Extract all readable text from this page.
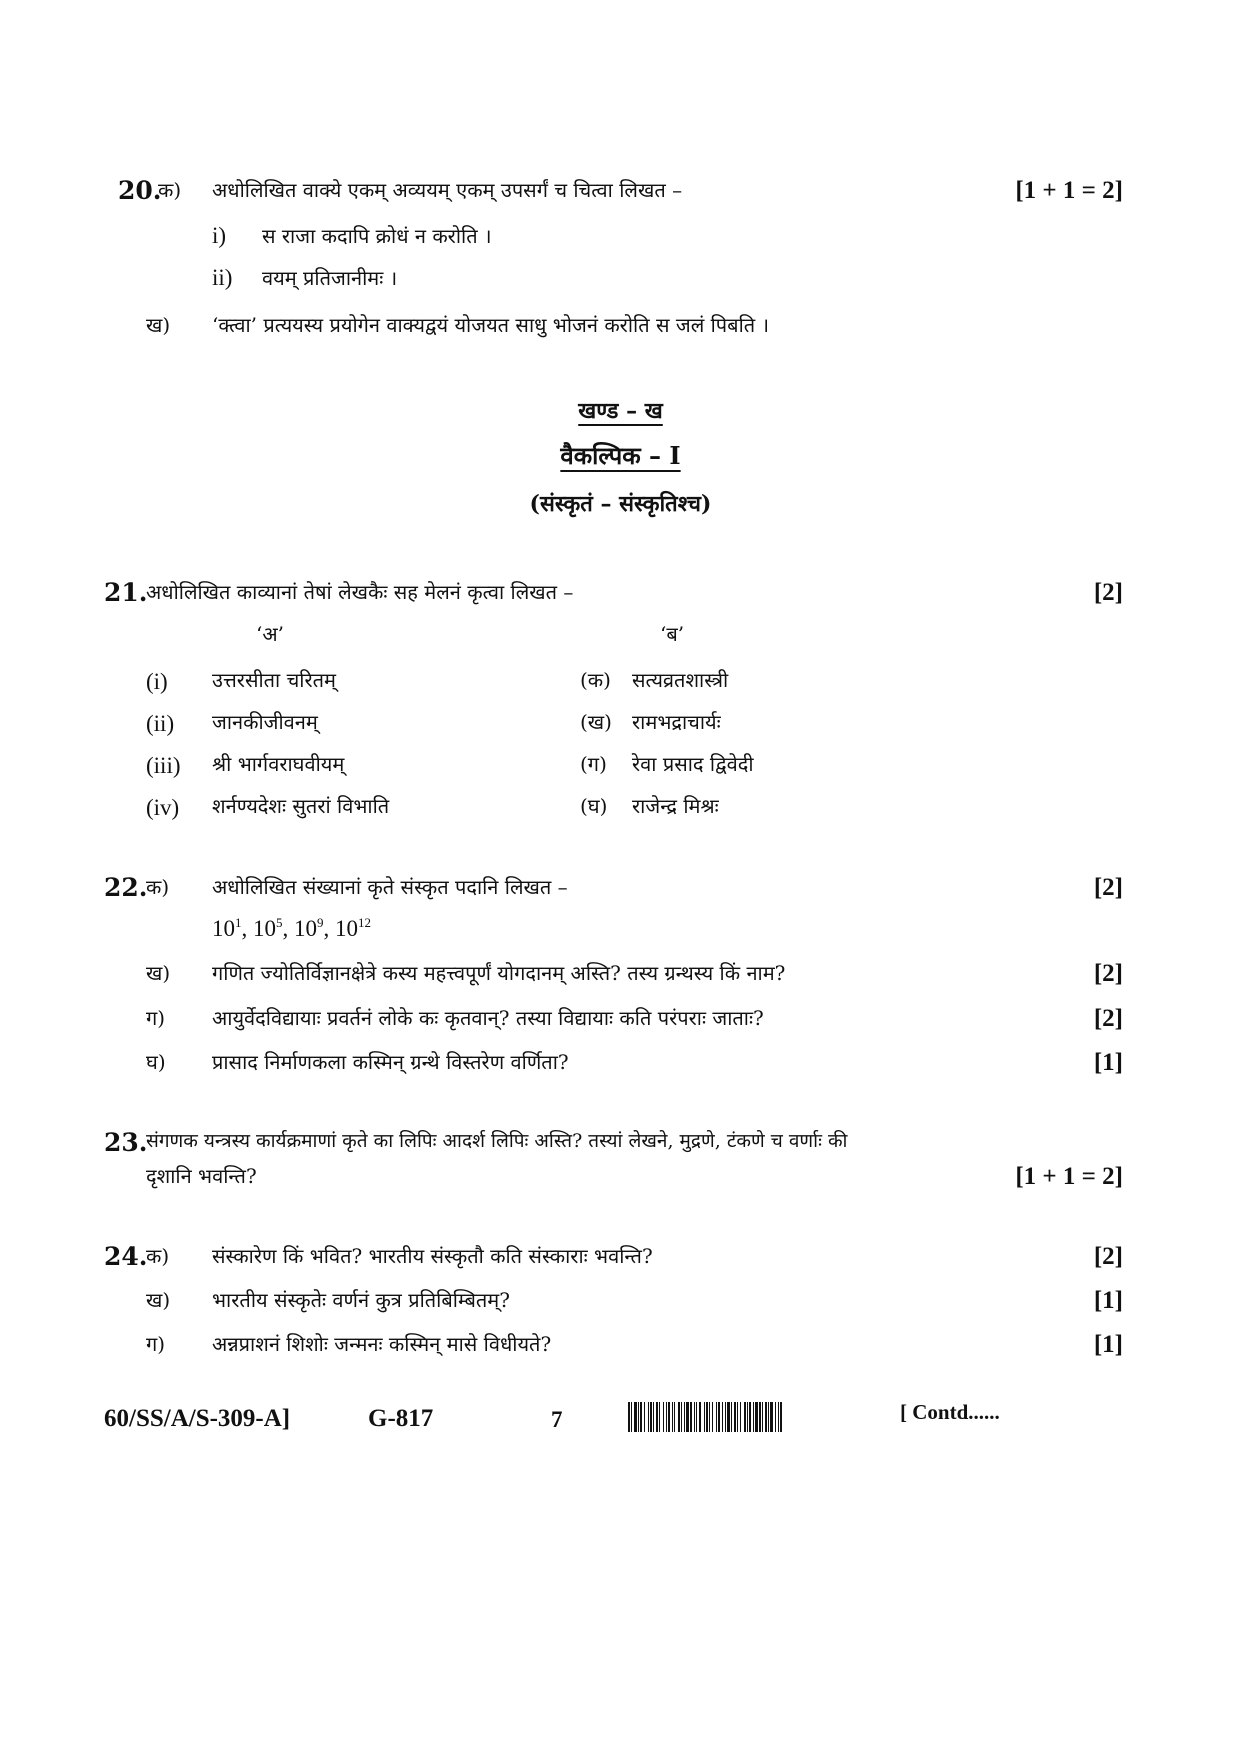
20.
क) अधोलिखित वाक्ये एकम् अव्ययम् एकम् उपसर्गं च चित्वा लिखत –	[1 + 1 = 2]
i) स राजा कदापि क्रोधं न करोति ।
ii) वयम् प्रतिजानीमः ।
ख) ‘क्त्वा’ प्रत्ययस्य प्रयोगेन वाक्यद्वयं योजयत साधु भोजनं करोति स जलं पिबति ।
खण्ड – ख
वैकल्पिक – I
(संस्कृतं – संस्कृतिश्च)
21.
अधोलिखित काव्यानां तेषां लेखकैः सह मेलनं कृत्वा लिखत –	[2]
‘अ’	‘ब’
(i) उत्तरसीता चरितम्	(क) सत्यव्रतशास्त्री
(ii) जानकीजीवनम्	(ख) रामभद्राचार्यः
(iii) श्री भार्गवराघवीयम्	(ग) रेवा प्रसाद द्विवेदी
(iv) शर्नण्यदेशः सुतरां विभाति	(घ) राजेन्द्र मिश्रः
22.
क) अधोलिखित संख्यानां कृते संस्कृत पदानि लिखत –	[2]
$10^1$, $10^5$, $10^9$, $10^{12}$
ख) गणित ज्योतिर्विज्ञानक्षेत्रे कस्य महत्त्वपूर्णं योगदानम् अस्ति? तस्य ग्रन्थस्य किं नाम?	[2]
ग) आयुर्वेदविद्यायाः प्रवर्तनं लोके कः कृतवान्? तस्या विद्यायाः कति परंपराः जाताः?	[2]
घ) प्रासाद निर्माणकला कस्मिन् ग्रन्थे विस्तरेण वर्णिता?	[1]
23.
संगणक यन्त्रस्य कार्यक्रमाणां कृते का लिपिः आदर्श लिपिः अस्ति? तस्यां लेखने, मुद्रणे, टंकणे च वर्णाः की
दृशानि भवन्ति?	[1 + 1 = 2]
24.
क) संस्कारेण किं भवित? भारतीय संस्कृतौ कति संस्काराः भवन्ति?	[2]
ख) भारतीय संस्कृतेः वर्णनं कुत्र प्रतिबिम्बितम्?	[1]
ग) अन्नप्राशनं शिशोः जन्मनः कस्मिन् मासे विधीयते?	[1]
60/SS/A/S-309-A]	G-817	7	[ Contd......
